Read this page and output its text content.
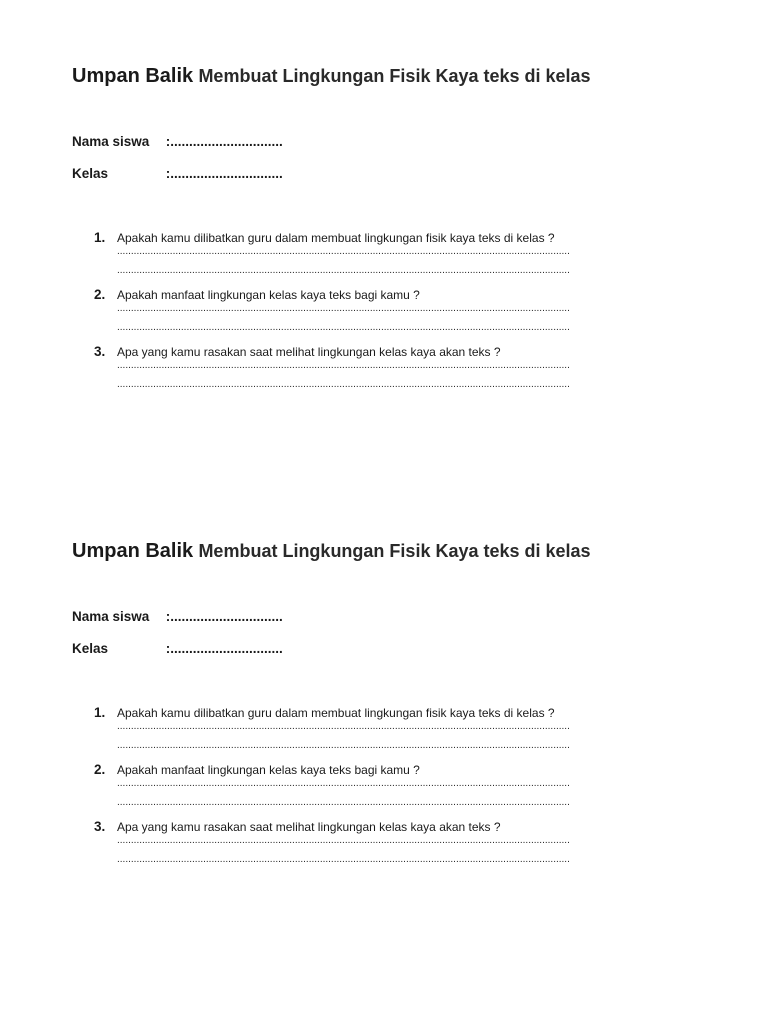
Umpan Balik Membuat Lingkungan Fisik Kaya teks di kelas
Nama siswa :..............................
Kelas	:..............................
1. Apakah kamu dilibatkan guru dalam membuat lingkungan fisik kaya teks di kelas ?
...................................................................................................................................................................
...................................................................................................................................................................
2. Apakah manfaat lingkungan kelas kaya teks bagi kamu ?
...................................................................................................................................................................
...................................................................................................................................................................
3. Apa yang kamu rasakan saat melihat lingkungan kelas kaya akan teks ?
...................................................................................................................................................................
...................................................................................................................................................................
Umpan Balik Membuat Lingkungan Fisik Kaya teks di kelas
Nama siswa :..............................
Kelas	:..............................
1. Apakah kamu dilibatkan guru dalam membuat lingkungan fisik kaya teks di kelas ?
...................................................................................................................................................................
...................................................................................................................................................................
2. Apakah manfaat lingkungan kelas kaya teks bagi kamu ?
...................................................................................................................................................................
...................................................................................................................................................................
3. Apa yang kamu rasakan saat melihat lingkungan kelas kaya akan teks ?
...................................................................................................................................................................
...................................................................................................................................................................
